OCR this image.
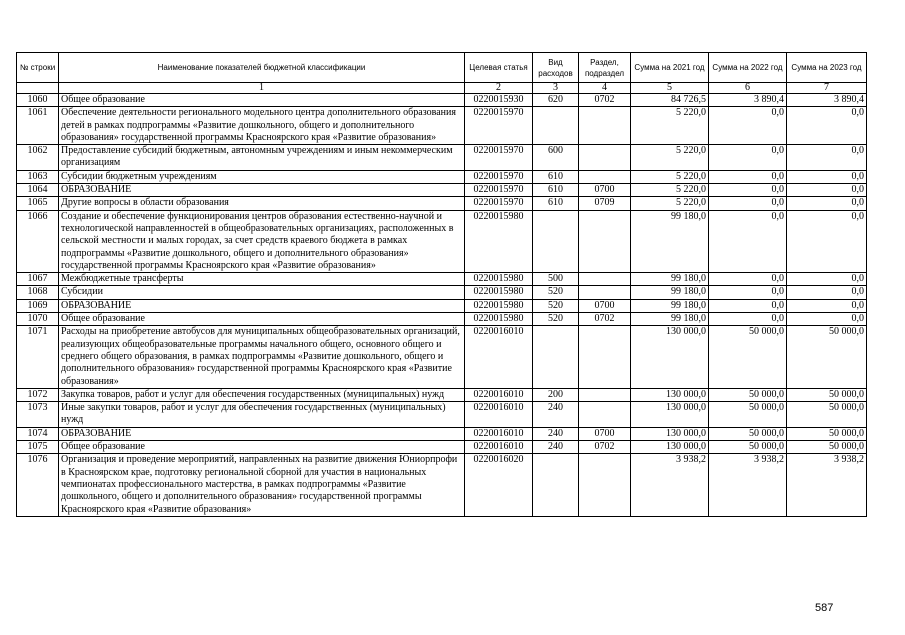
№ строки	Наименование показателей бюджетной классификации	Целевая статья	Вид расходов	Раздел, подраздел	Сумма на 2021 год	Сумма на 2022 год	Сумма на 2023 год
	1	2	3	4	5	6	7
1060	Общее образование	0220015930	620	0702	84 726,5	3 890,4	3 890,4
1061	Обеспечение деятельности регионального модельного центра дополнительного образования детей в рамках подпрограммы «Развитие дошкольного, общего и дополнительного образования» государственной программы Красноярского края «Развитие образования»	0220015970			5 220,0	0,0	0,0
1062	Предоставление субсидий бюджетным, автономным учреждениям и иным некоммерческим организациям	0220015970	600		5 220,0	0,0	0,0
1063	Субсидии бюджетным учреждениям	0220015970	610		5 220,0	0,0	0,0
1064	ОБРАЗОВАНИЕ	0220015970	610	0700	5 220,0	0,0	0,0
1065	Другие вопросы в области образования	0220015970	610	0709	5 220,0	0,0	0,0
1066	Создание и обеспечение функционирования центров образования естественно-научной и технологической направленностей в общеобразовательных организациях, расположенных в сельской местности и малых городах, за счет средств краевого бюджета в рамках подпрограммы «Развитие дошкольного, общего и дополнительного образования» государственной программы Красноярского края «Развитие образования»	0220015980			99 180,0	0,0	0,0
1067	Межбюджетные трансферты	0220015980	500		99 180,0	0,0	0,0
1068	Субсидии	0220015980	520		99 180,0	0,0	0,0
1069	ОБРАЗОВАНИЕ	0220015980	520	0700	99 180,0	0,0	0,0
1070	Общее образование	0220015980	520	0702	99 180,0	0,0	0,0
1071	Расходы на приобретение автобусов для муниципальных общеобразовательных организаций, реализующих общеобразовательные программы начального общего, основного общего и среднего общего образования, в рамках подпрограммы «Развитие дошкольного, общего и дополнительного образования» государственной программы Красноярского края «Развитие образования»	0220016010			130 000,0	50 000,0	50 000,0
1072	Закупка товаров, работ и услуг для обеспечения государственных (муниципальных) нужд	0220016010	200		130 000,0	50 000,0	50 000,0
1073	Иные закупки товаров, работ и услуг для обеспечения государственных (муниципальных) нужд	0220016010	240		130 000,0	50 000,0	50 000,0
1074	ОБРАЗОВАНИЕ	0220016010	240	0700	130 000,0	50 000,0	50 000,0
1075	Общее образование	0220016010	240	0702	130 000,0	50 000,0	50 000,0
1076	Организация и проведение мероприятий, направленных на развитие движения Юниорпрофи в Красноярском крае, подготовку региональной сборной для участия в национальных чемпионатах профессионального мастерства, в рамках подпрограммы «Развитие дошкольного, общего и дополнительного образования» государственной программы Красноярского края «Развитие образования»	0220016020			3 938,2	3 938,2	3 938,2
587
